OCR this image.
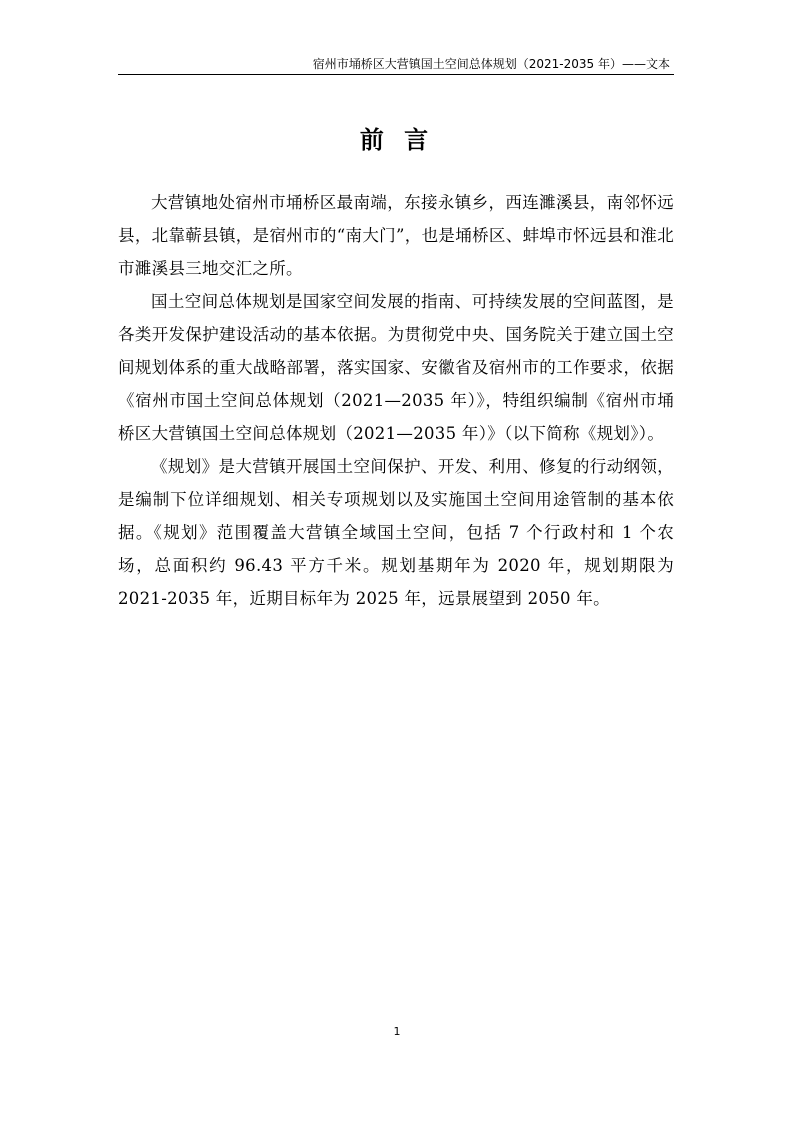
宿州市埇桥区大营镇国土空间总体规划（2021-2035 年）——文本
前 言

大营镇地处宿州市埇桥区最南端，东接永镇乡，西连濉溪县，南邻怀远县，北靠蕲县镇，是宿州市的“南大门”，也是埇桥区、蚌埠市怀远县和淮北市濉溪县三地交汇之所。

国土空间总体规划是国家空间发展的指南、可持续发展的空间蓝图，是各类开发保护建设活动的基本依据。为贯彻党中央、国务院关于建立国土空间规划体系的重大战略部署，落实国家、安徽省及宿州市的工作要求，依据《宿州市国土空间总体规划（2021—2035 年）》，特组织编制《宿州市埇桥区大营镇国土空间总体规划（2021—2035 年）》（以下简称《规划》）。

《规划》是大营镇开展国土空间保护、开发、利用、修复的行动纲领，是编制下位详细规划、相关专项规划以及实施国土空间用途管制的基本依据。《规划》范围覆盖大营镇全域国土空间，包括 7 个行政村和 1 个农场，总面积约 96.43 平方千米。规划基期年为 2020 年，规划期限为 2021-2035 年，近期目标年为 2025 年，远景展望到 2050 年。

1
